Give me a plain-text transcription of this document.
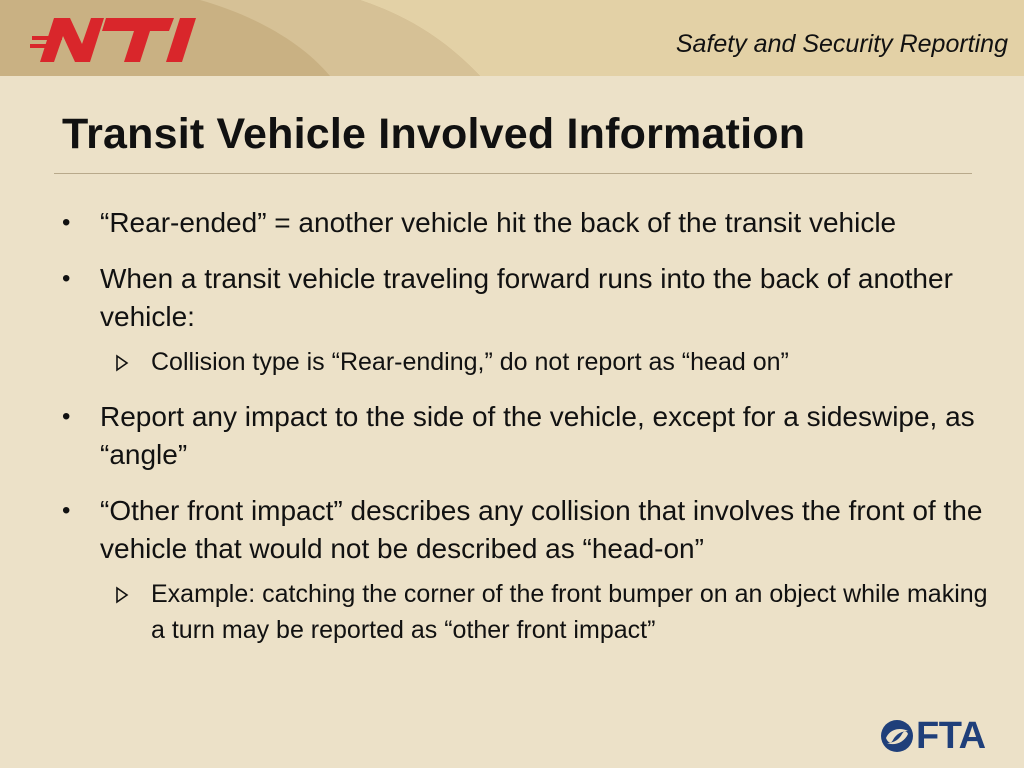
Safety and Security Reporting
Transit Vehicle Involved Information
• “Rear-ended” = another vehicle hit the back of the transit vehicle
• When a transit vehicle traveling forward runs into the back of another vehicle:
Collision type is “Rear-ending,” do not report as “head on”
• Report any impact to the side of the vehicle, except for a sideswipe, as “angle”
• “Other front impact” describes any collision that involves the front of the vehicle that would not be described as “head-on”
Example: catching the corner of the front bumper on an object while making a turn may be reported as “other front impact”
FTA
